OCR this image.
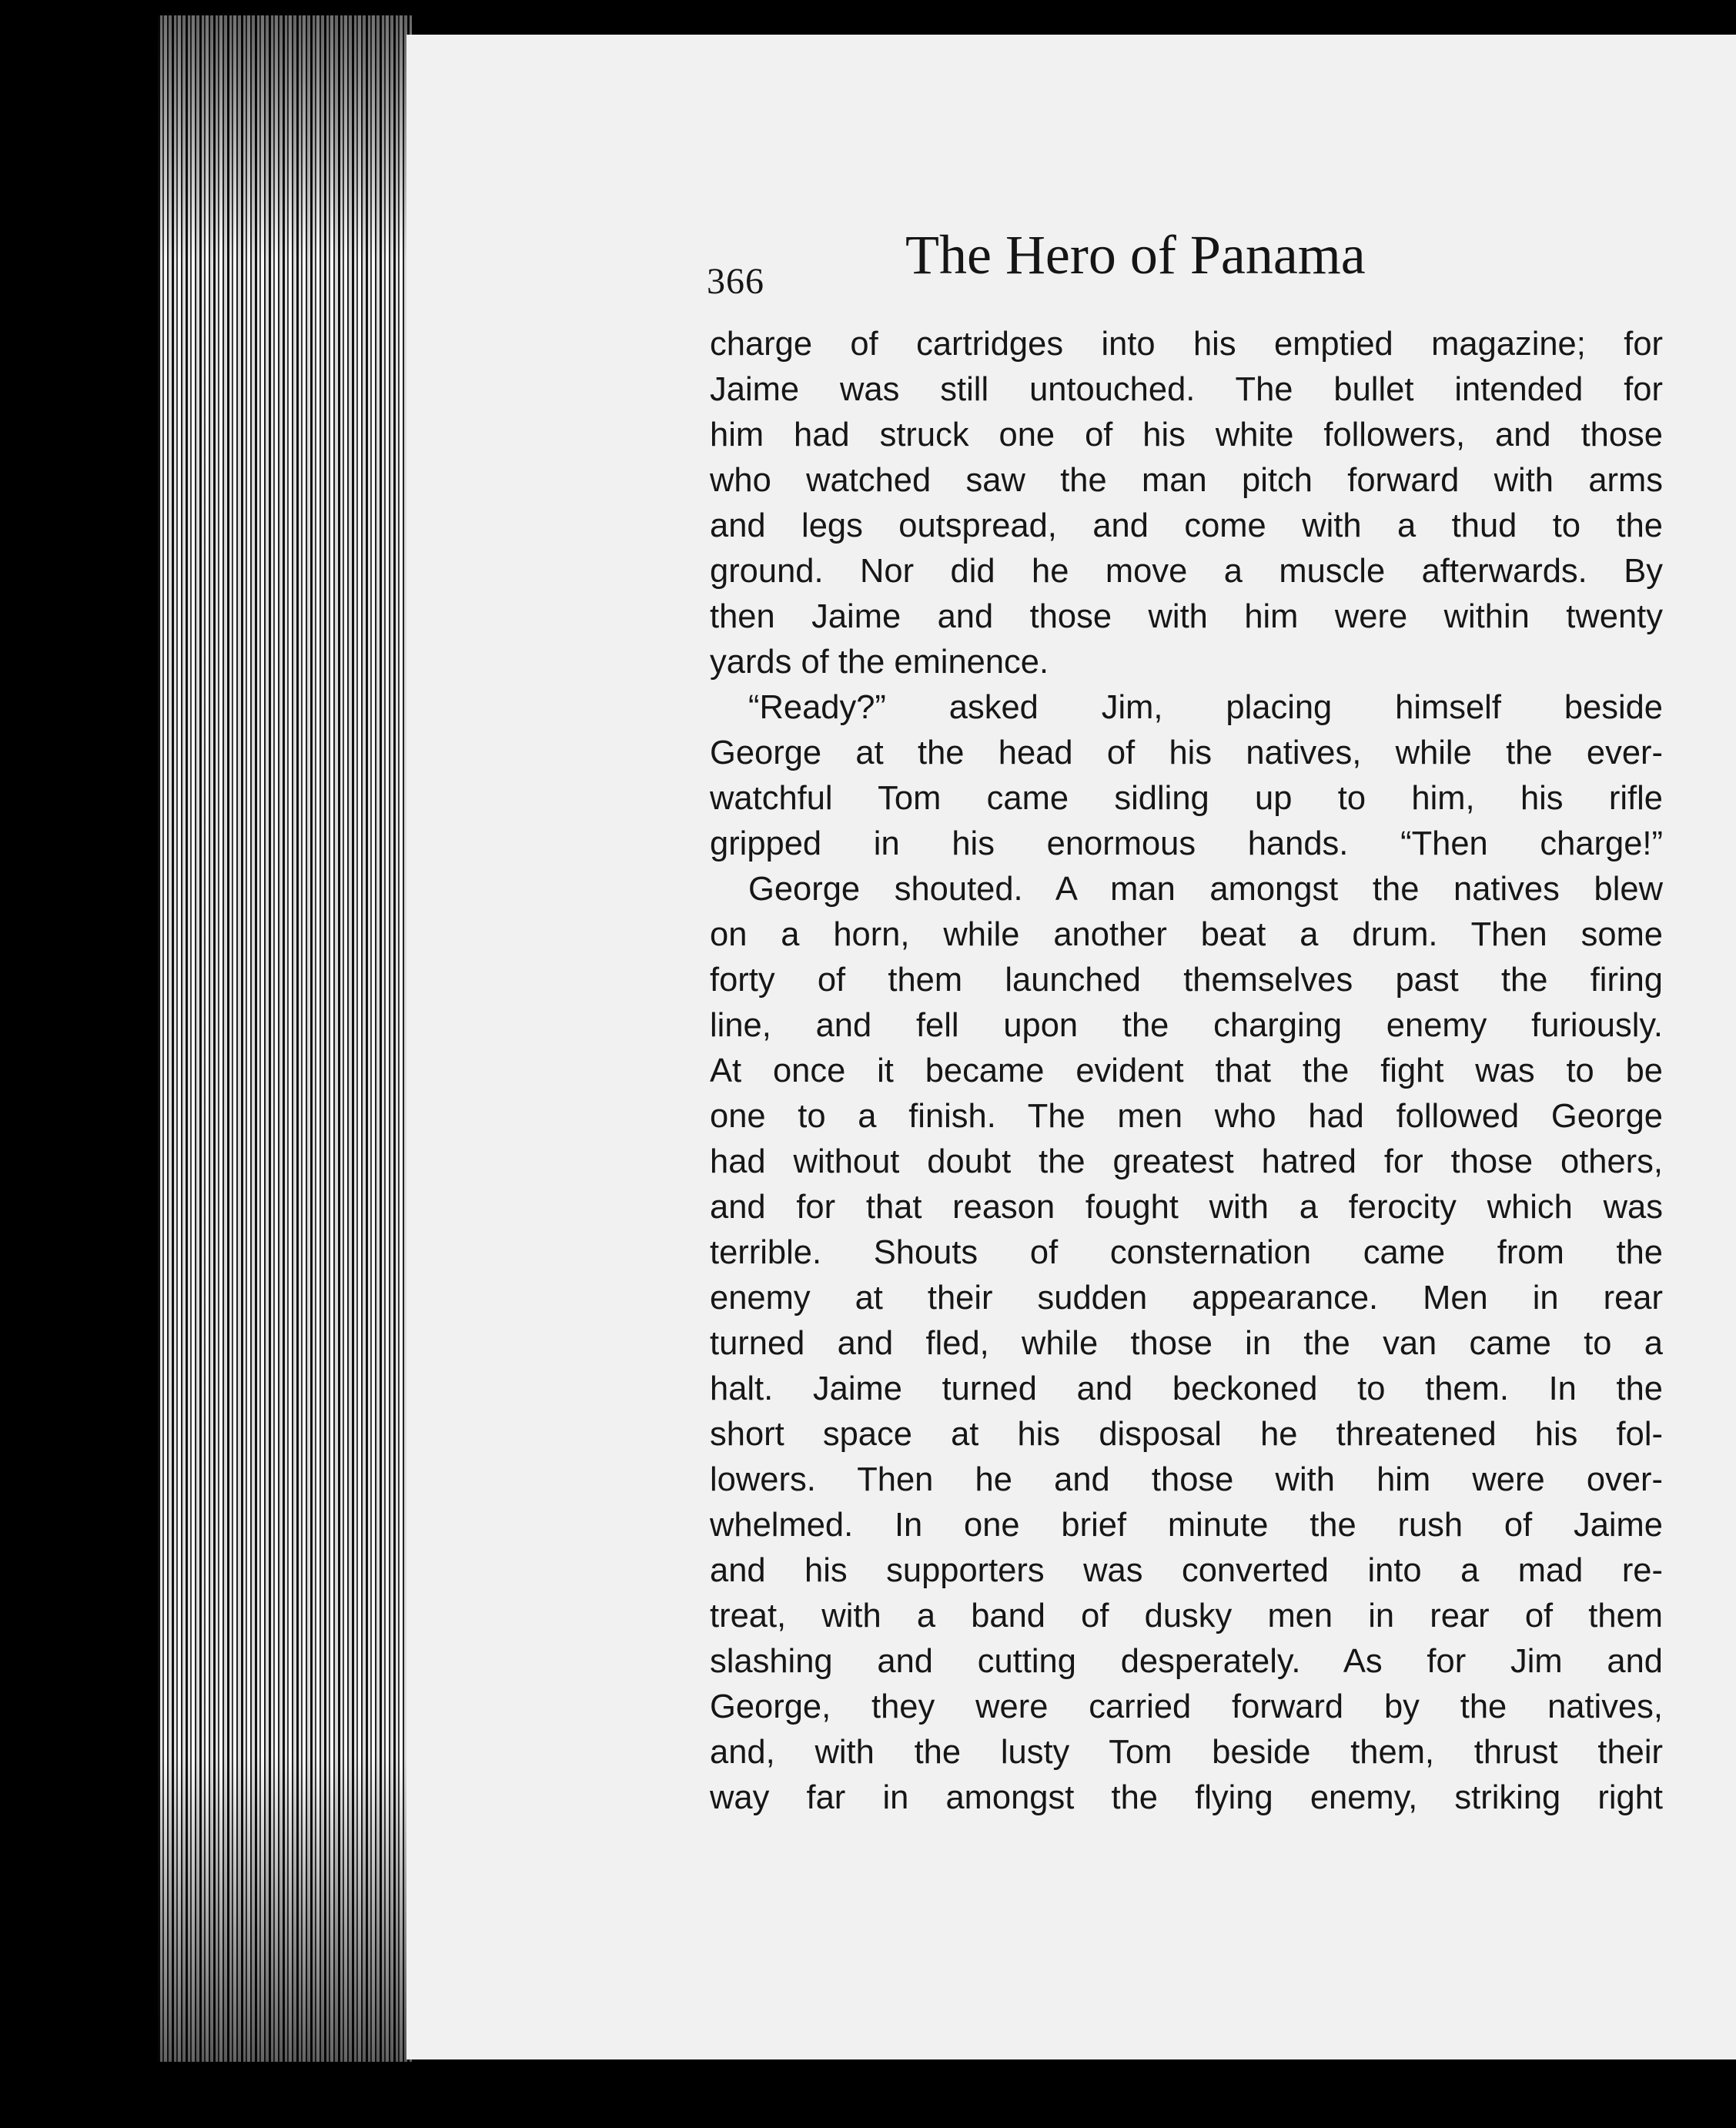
366	The Hero of Panama
charge of cartridges into his emptied magazine; for
Jaime was still untouched. The bullet intended for
him had struck one of his white followers, and those
who watched saw the man pitch forward with arms
and legs outspread, and come with a thud to the
ground. Nor did he move a muscle afterwards. By
then Jaime and those with him were within twenty
yards of the eminence.
“Ready?” asked Jim, placing himself beside
George at the head of his natives, while the ever-
watchful Tom came sidling up to him, his rifle
gripped in his enormous hands. “Then charge!”
George shouted. A man amongst the natives blew
on a horn, while another beat a drum. Then some
forty of them launched themselves past the firing
line, and fell upon the charging enemy furiously.
At once it became evident that the fight was to be
one to a finish. The men who had followed George
had without doubt the greatest hatred for those others,
and for that reason fought with a ferocity which was
terrible. Shouts of consternation came from the
enemy at their sudden appearance. Men in rear
turned and fled, while those in the van came to a
halt. Jaime turned and beckoned to them. In the
short space at his disposal he threatened his fol-
lowers. Then he and those with him were over-
whelmed. In one brief minute the rush of Jaime
and his supporters was converted into a mad re-
treat, with a band of dusky men in rear of them
slashing and cutting desperately. As for Jim and
George, they were carried forward by the natives,
and, with the lusty Tom beside them, thrust their
way far in amongst the flying enemy, striking right
